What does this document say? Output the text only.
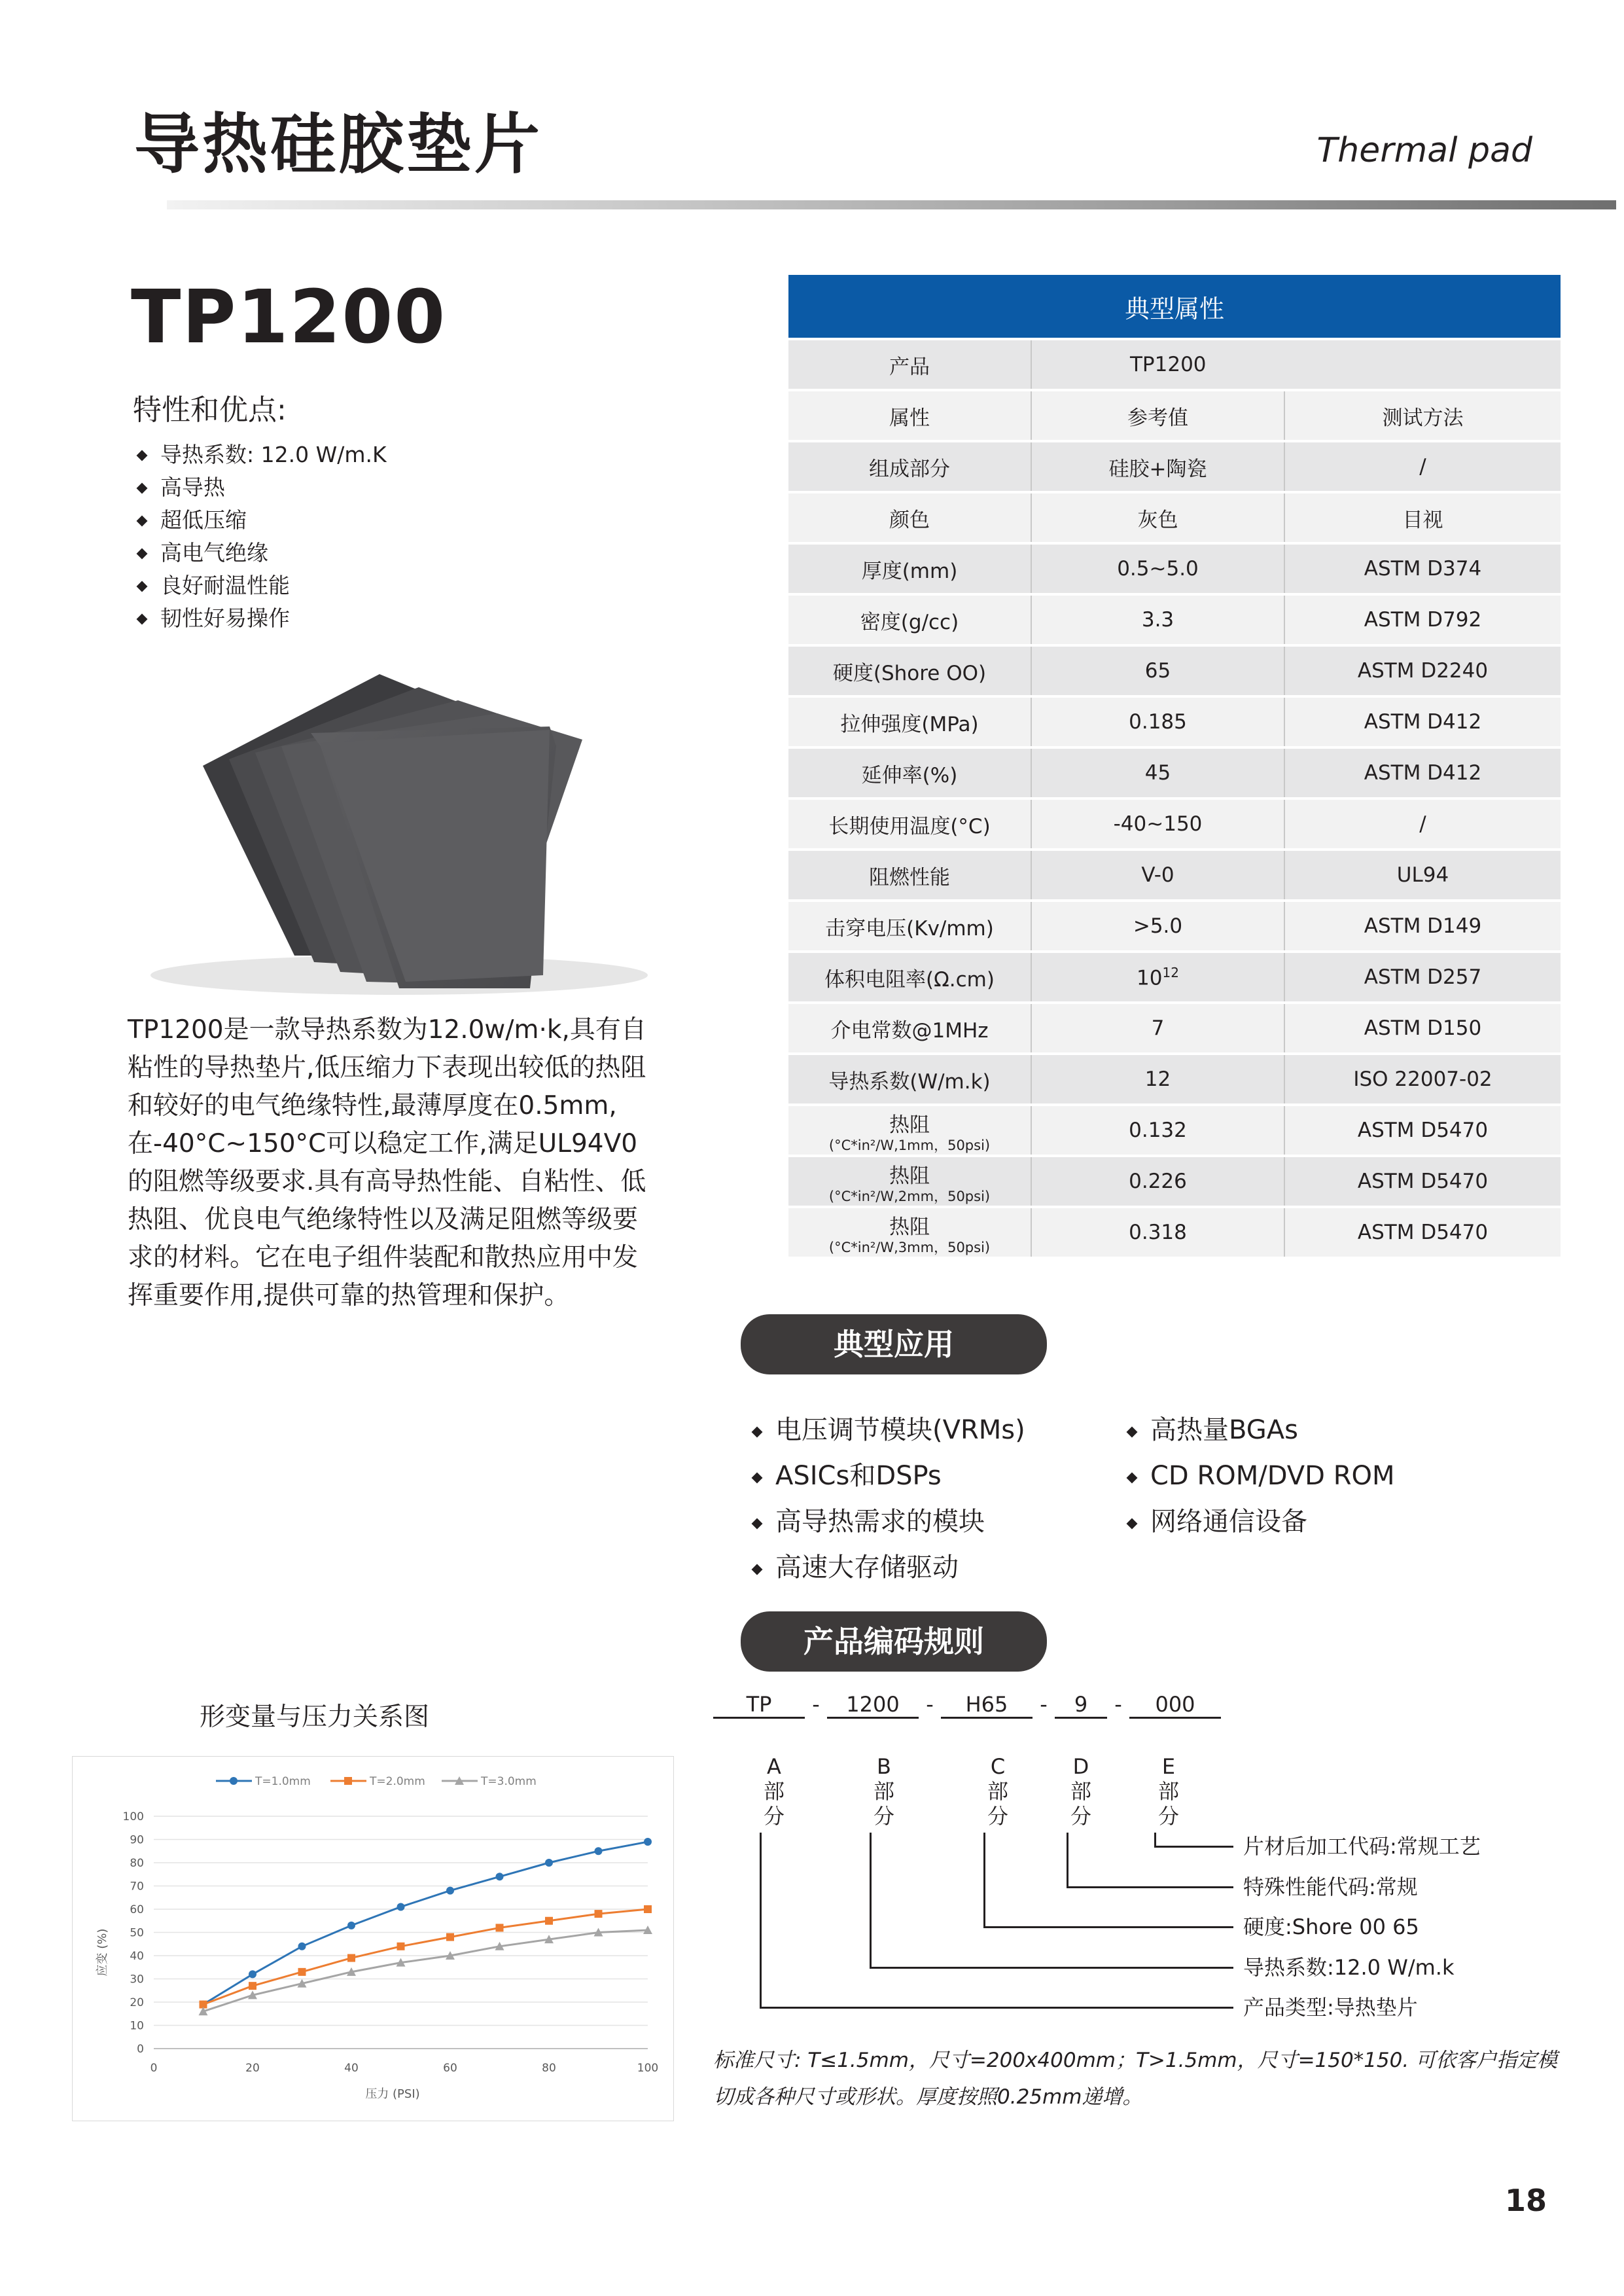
导热硅胶垫片	Thermal pad
TP1200
特性和优点:
导热系数: 12.0 W/m.K
高导热
超低压缩
高电气绝缘
良好耐温性能
韧性好易操作

TP1200是一款导热系数为12.0w/m·k,具有自粘性的导热垫片,低压缩力下表现出较低的热阻和较好的电气绝缘特性,最薄厚度在0.5mm,在-40°C~150°C可以稳定工作,满足UL94V0的阻燃等级要求.具有高导热性能、自粘性、低热阻、优良电气绝缘特性以及满足阻燃等级要求的材料。它在电子组件装配和散热应用中发挥重要作用,提供可靠的热管理和保护。

典型属性		
产品	TP1200	
属性	参考值	测试方法
组成部分	硅胶+陶瓷	/
颜色	灰色	目视
厚度(mm)	0.5~5.0	ASTM D374
密度(g/cc)	3.3	ASTM D792
硬度(Shore OO)	65	ASTM D2240
拉伸强度(MPa)	0.185	ASTM D412
延伸率(%)	45	ASTM D412
长期使用温度(°C)	-40~150	/
阻燃性能	V-0	UL94
击穿电压(Kv/mm)	>5.0	ASTM D149
体积电阻率(Ω.cm)	$10^{12}$	ASTM D257
介电常数@1MHz	7	ASTM D150
导热系数(W/m.k)	12	ISO 22007-02
热阻
(°C*in²/W,1mm，50psi)	0.132	ASTM D5470
热阻
(°C*in²/W,2mm，50psi)	0.226	ASTM D5470
热阻
(°C*in²/W,3mm，50psi)	0.318	ASTM D5470
典型应用
电压调节模块(VRMs)
ASICs和DSPs
高导热需求的模块
高速大存储驱动
高热量BGAs
CD ROM/DVD ROM
网络通信设备
产品编码规则
TP	-	1200	-	H65	-	9	-	000
A部分
B部分
C部分
D部分
E部分
片材后加工代码:常规工艺
特殊性能代码:常规
硬度:Shore 00 65
导热系数:12.0 W/m.k
产品类型:导热垫片
标准尺寸: T≤1.5mm，尺寸=200x400mm；T>1.5mm，尺寸=150*150. 可依客户指定模切成各种尺寸或形状。厚度按照0.25mm递增。
形变量与压力关系图
0
10
20
30
40
50
60
70
80
90
100
0	20	40	60	80	100
T=1.0mm	T=2.0mm	T=3.0mm
压力 (PSI)
应变 (%)
18
